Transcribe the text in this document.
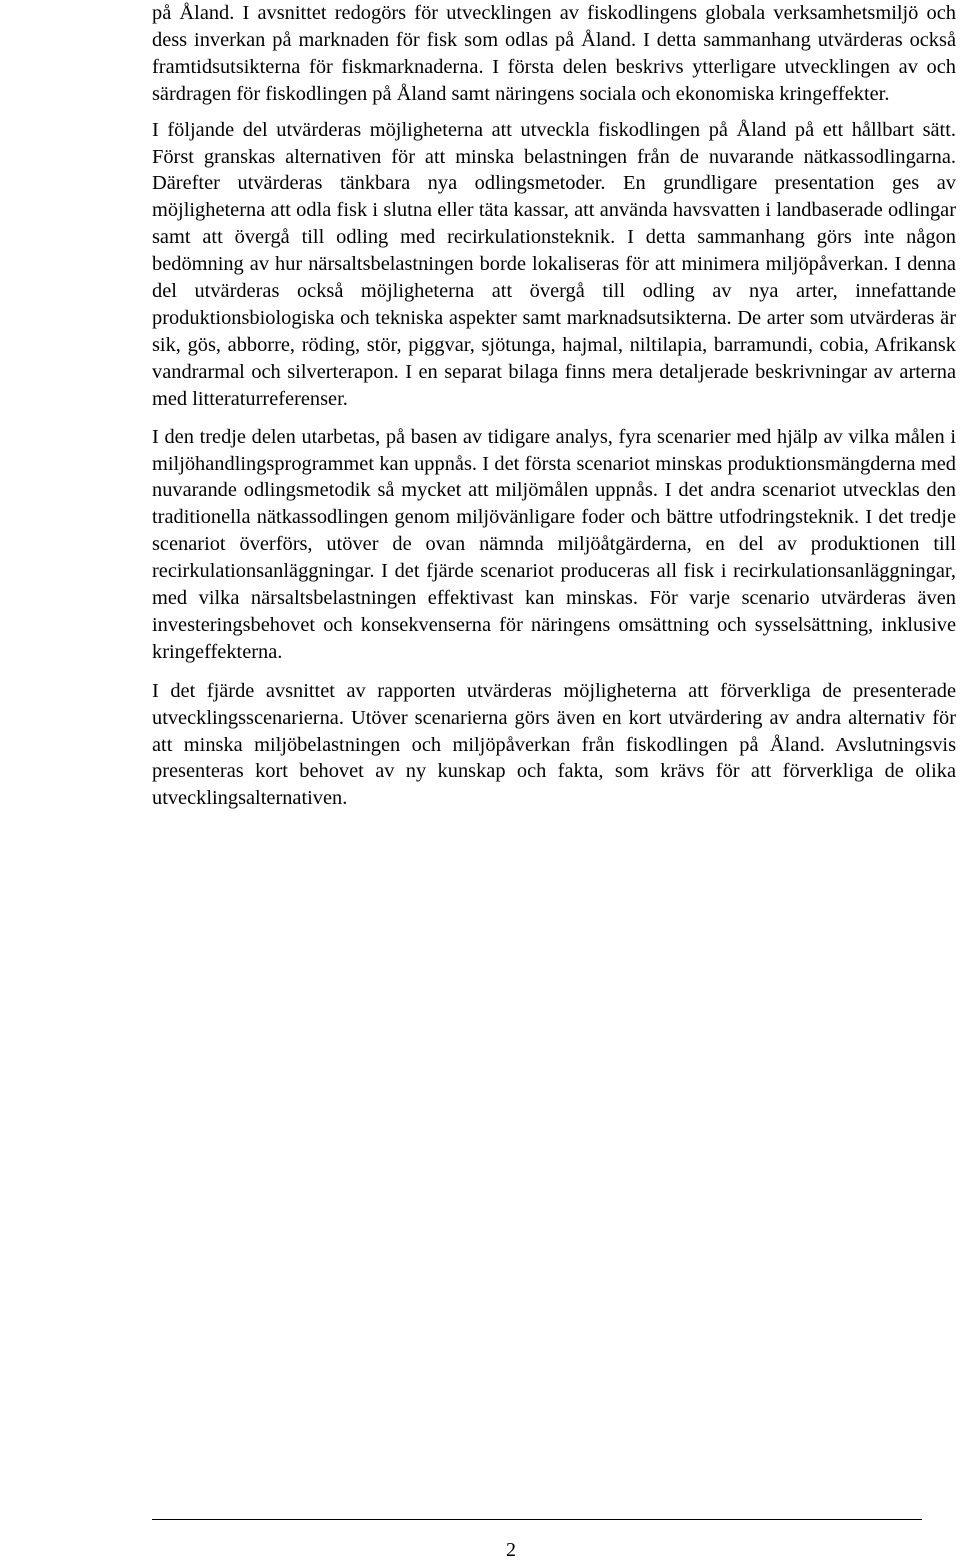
på Åland. I avsnittet redogörs för utvecklingen av fiskodlingens globala verksamhetsmiljö och dess inverkan på marknaden för fisk som odlas på Åland. I detta sammanhang utvärderas också framtidsutsikterna för fiskmarknaderna. I första delen beskrivs ytterligare utvecklingen av och särdragen för fiskodlingen på Åland samt näringens sociala och ekonomiska kringeffekter.

I följande del utvärderas möjligheterna att utveckla fiskodlingen på Åland på ett hållbart sätt. Först granskas alternativen för att minska belastningen från de nuvarande nätkassodlingarna. Därefter utvärderas tänkbara nya odlingsmetoder. En grundligare presentation ges av möjligheterna att odla fisk i slutna eller täta kassar, att använda havsvatten i landbaserade odlingar samt att övergå till odling med recirkulationsteknik. I detta sammanhang görs inte någon bedömning av hur närsaltsbelastningen borde lokaliseras för att minimera miljöpåverkan. I denna del utvärderas också möjligheterna att övergå till odling av nya arter, innefattande produktionsbiologiska och tekniska aspekter samt marknadsutsikterna. De arter som utvärderas är sik, gös, abborre, röding, stör, piggvar, sjötunga, hajmal, niltilapia, barramundi, cobia, Afrikansk vandrarmal och silverterapon. I en separat bilaga finns mera detaljerade beskrivningar av arterna med litteraturreferenser.

I den tredje delen utarbetas, på basen av tidigare analys, fyra scenarier med hjälp av vilka målen i miljöhandlingsprogrammet kan uppnås. I det första scenariot minskas produktionsmängderna med nuvarande odlingsmetodik så mycket att miljömålen uppnås. I det andra scenariot utvecklas den traditionella nätkassodlingen genom miljövänligare foder och bättre utfodringsteknik. I det tredje scenariot överförs, utöver de ovan nämnda miljöåtgärderna, en del av produktionen till recirkulationsanläggningar. I det fjärde scenariot produceras all fisk i recirkulationsanläggningar, med vilka närsaltsbelastningen effektivast kan minskas. För varje scenario utvärderas även investeringsbehovet och konsekvenserna för näringens omsättning och sysselsättning, inklusive kringeffekterna.

I det fjärde avsnittet av rapporten utvärderas möjligheterna att förverkliga de presenterade utvecklingsscenarierna. Utöver scenarierna görs även en kort utvärdering av andra alternativ för att minska miljöbelastningen och miljöpåverkan från fiskodlingen på Åland. Avslutningsvis presenteras kort behovet av ny kunskap och fakta, som krävs för att förverkliga de olika utvecklingsalternativen.

2
